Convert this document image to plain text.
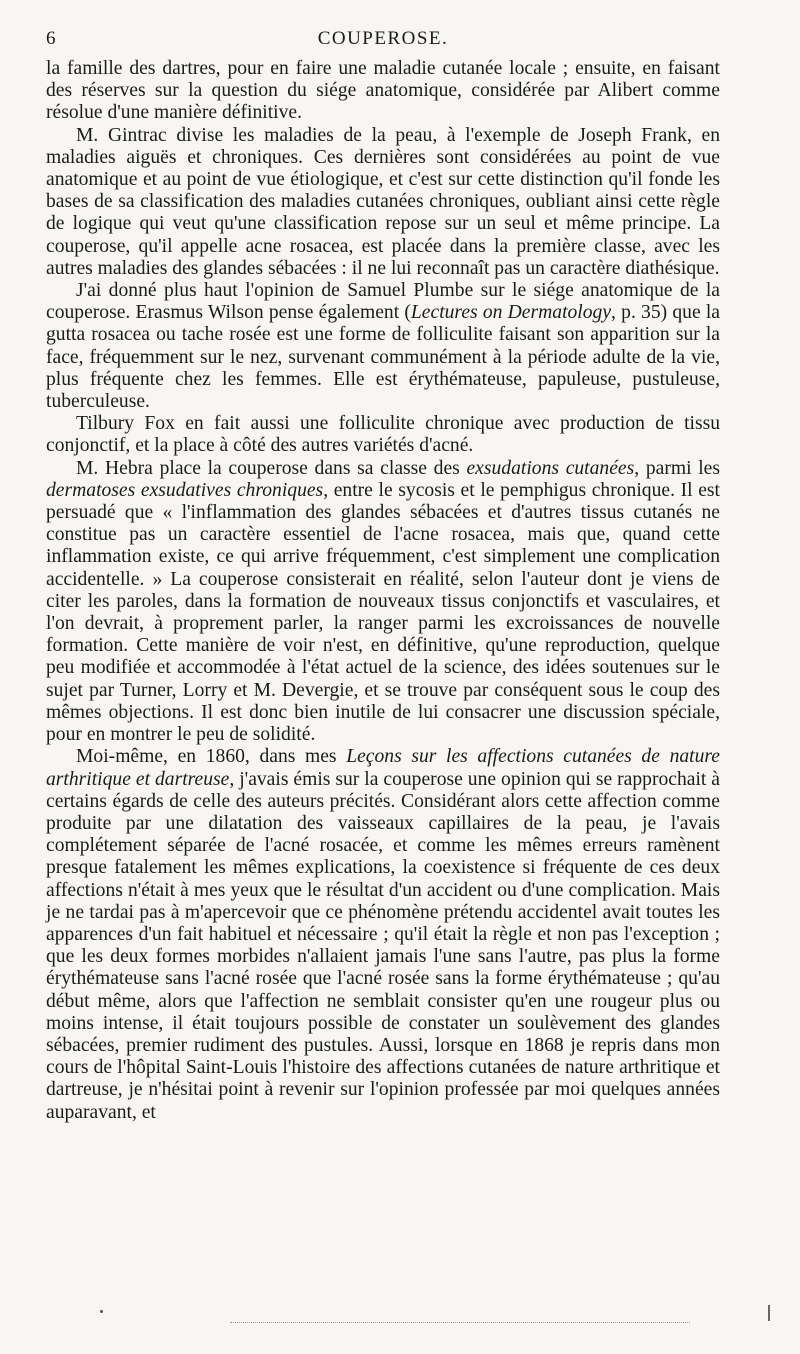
6	COUPEROSE.

la famille des dartres, pour en faire une maladie cutanée locale ; ensuite, en faisant des réserves sur la question du siége anatomique, considérée par Alibert comme résolue d'une manière définitive.

M. Gintrac divise les maladies de la peau, à l'exemple de Joseph Frank, en maladies aiguës et chroniques. Ces dernières sont considérées au point de vue anatomique et au point de vue étiologique, et c'est sur cette distinction qu'il fonde les bases de sa classification des maladies cutanées chroniques, oubliant ainsi cette règle de logique qui veut qu'une classification repose sur un seul et même principe. La couperose, qu'il appelle acne rosacea, est placée dans la première classe, avec les autres maladies des glandes sébacées : il ne lui reconnaît pas un caractère diathésique.

J'ai donné plus haut l'opinion de Samuel Plumbe sur le siége anatomique de la couperose. Erasmus Wilson pense également (Lectures on Dermatology, p. 35) que la gutta rosacea ou tache rosée est une forme de folliculite faisant son apparition sur la face, fréquemment sur le nez, survenant communément à la période adulte de la vie, plus fréquente chez les femmes. Elle est érythémateuse, papuleuse, pustuleuse, tuberculeuse.

Tilbury Fox en fait aussi une folliculite chronique avec production de tissu conjonctif, et la place à côté des autres variétés d'acné.

M. Hebra place la couperose dans sa classe des exsudations cutanées, parmi les dermatoses exsudatives chroniques, entre le sycosis et le pemphigus chronique. Il est persuadé que « l'inflammation des glandes sébacées et d'autres tissus cutanés ne constitue pas un caractère essentiel de l'acne rosacea, mais que, quand cette inflammation existe, ce qui arrive fréquemment, c'est simplement une complication accidentelle. » La couperose consisterait en réalité, selon l'auteur dont je viens de citer les paroles, dans la formation de nouveaux tissus conjonctifs et vasculaires, et l'on devrait, à proprement parler, la ranger parmi les excroissances de nouvelle formation. Cette manière de voir n'est, en définitive, qu'une reproduction, quelque peu modifiée et accommodée à l'état actuel de la science, des idées soutenues sur le sujet par Turner, Lorry et M. Devergie, et se trouve par conséquent sous le coup des mêmes objections. Il est donc bien inutile de lui consacrer une discussion spéciale, pour en montrer le peu de solidité.

Moi-même, en 1860, dans mes Leçons sur les affections cutanées de nature arthritique et dartreuse, j'avais émis sur la couperose une opinion qui se rapprochait à certains égards de celle des auteurs précités. Considérant alors cette affection comme produite par une dilatation des vaisseaux capillaires de la peau, je l'avais complétement séparée de l'acné rosacée, et comme les mêmes erreurs ramènent presque fatalement les mêmes explications, la coexistence si fréquente de ces deux affections n'était à mes yeux que le résultat d'un accident ou d'une complication. Mais je ne tardai pas à m'apercevoir que ce phénomène prétendu accidentel avait toutes les apparences d'un fait habituel et nécessaire ; qu'il était la règle et non pas l'exception ; que les deux formes morbides n'allaient jamais l'une sans l'autre, pas plus la forme érythémateuse sans l'acné rosée que l'acné rosée sans la forme érythémateuse ; qu'au début même, alors que l'affection ne semblait consister qu'en une rougeur plus ou moins intense, il était toujours possible de constater un soulèvement des glandes sébacées, premier rudiment des pustules. Aussi, lorsque en 1868 je repris dans mon cours de l'hôpital Saint-Louis l'histoire des affections cutanées de nature arthritique et dartreuse, je n'hésitai point à revenir sur l'opinion professée par moi quelques années auparavant, et
